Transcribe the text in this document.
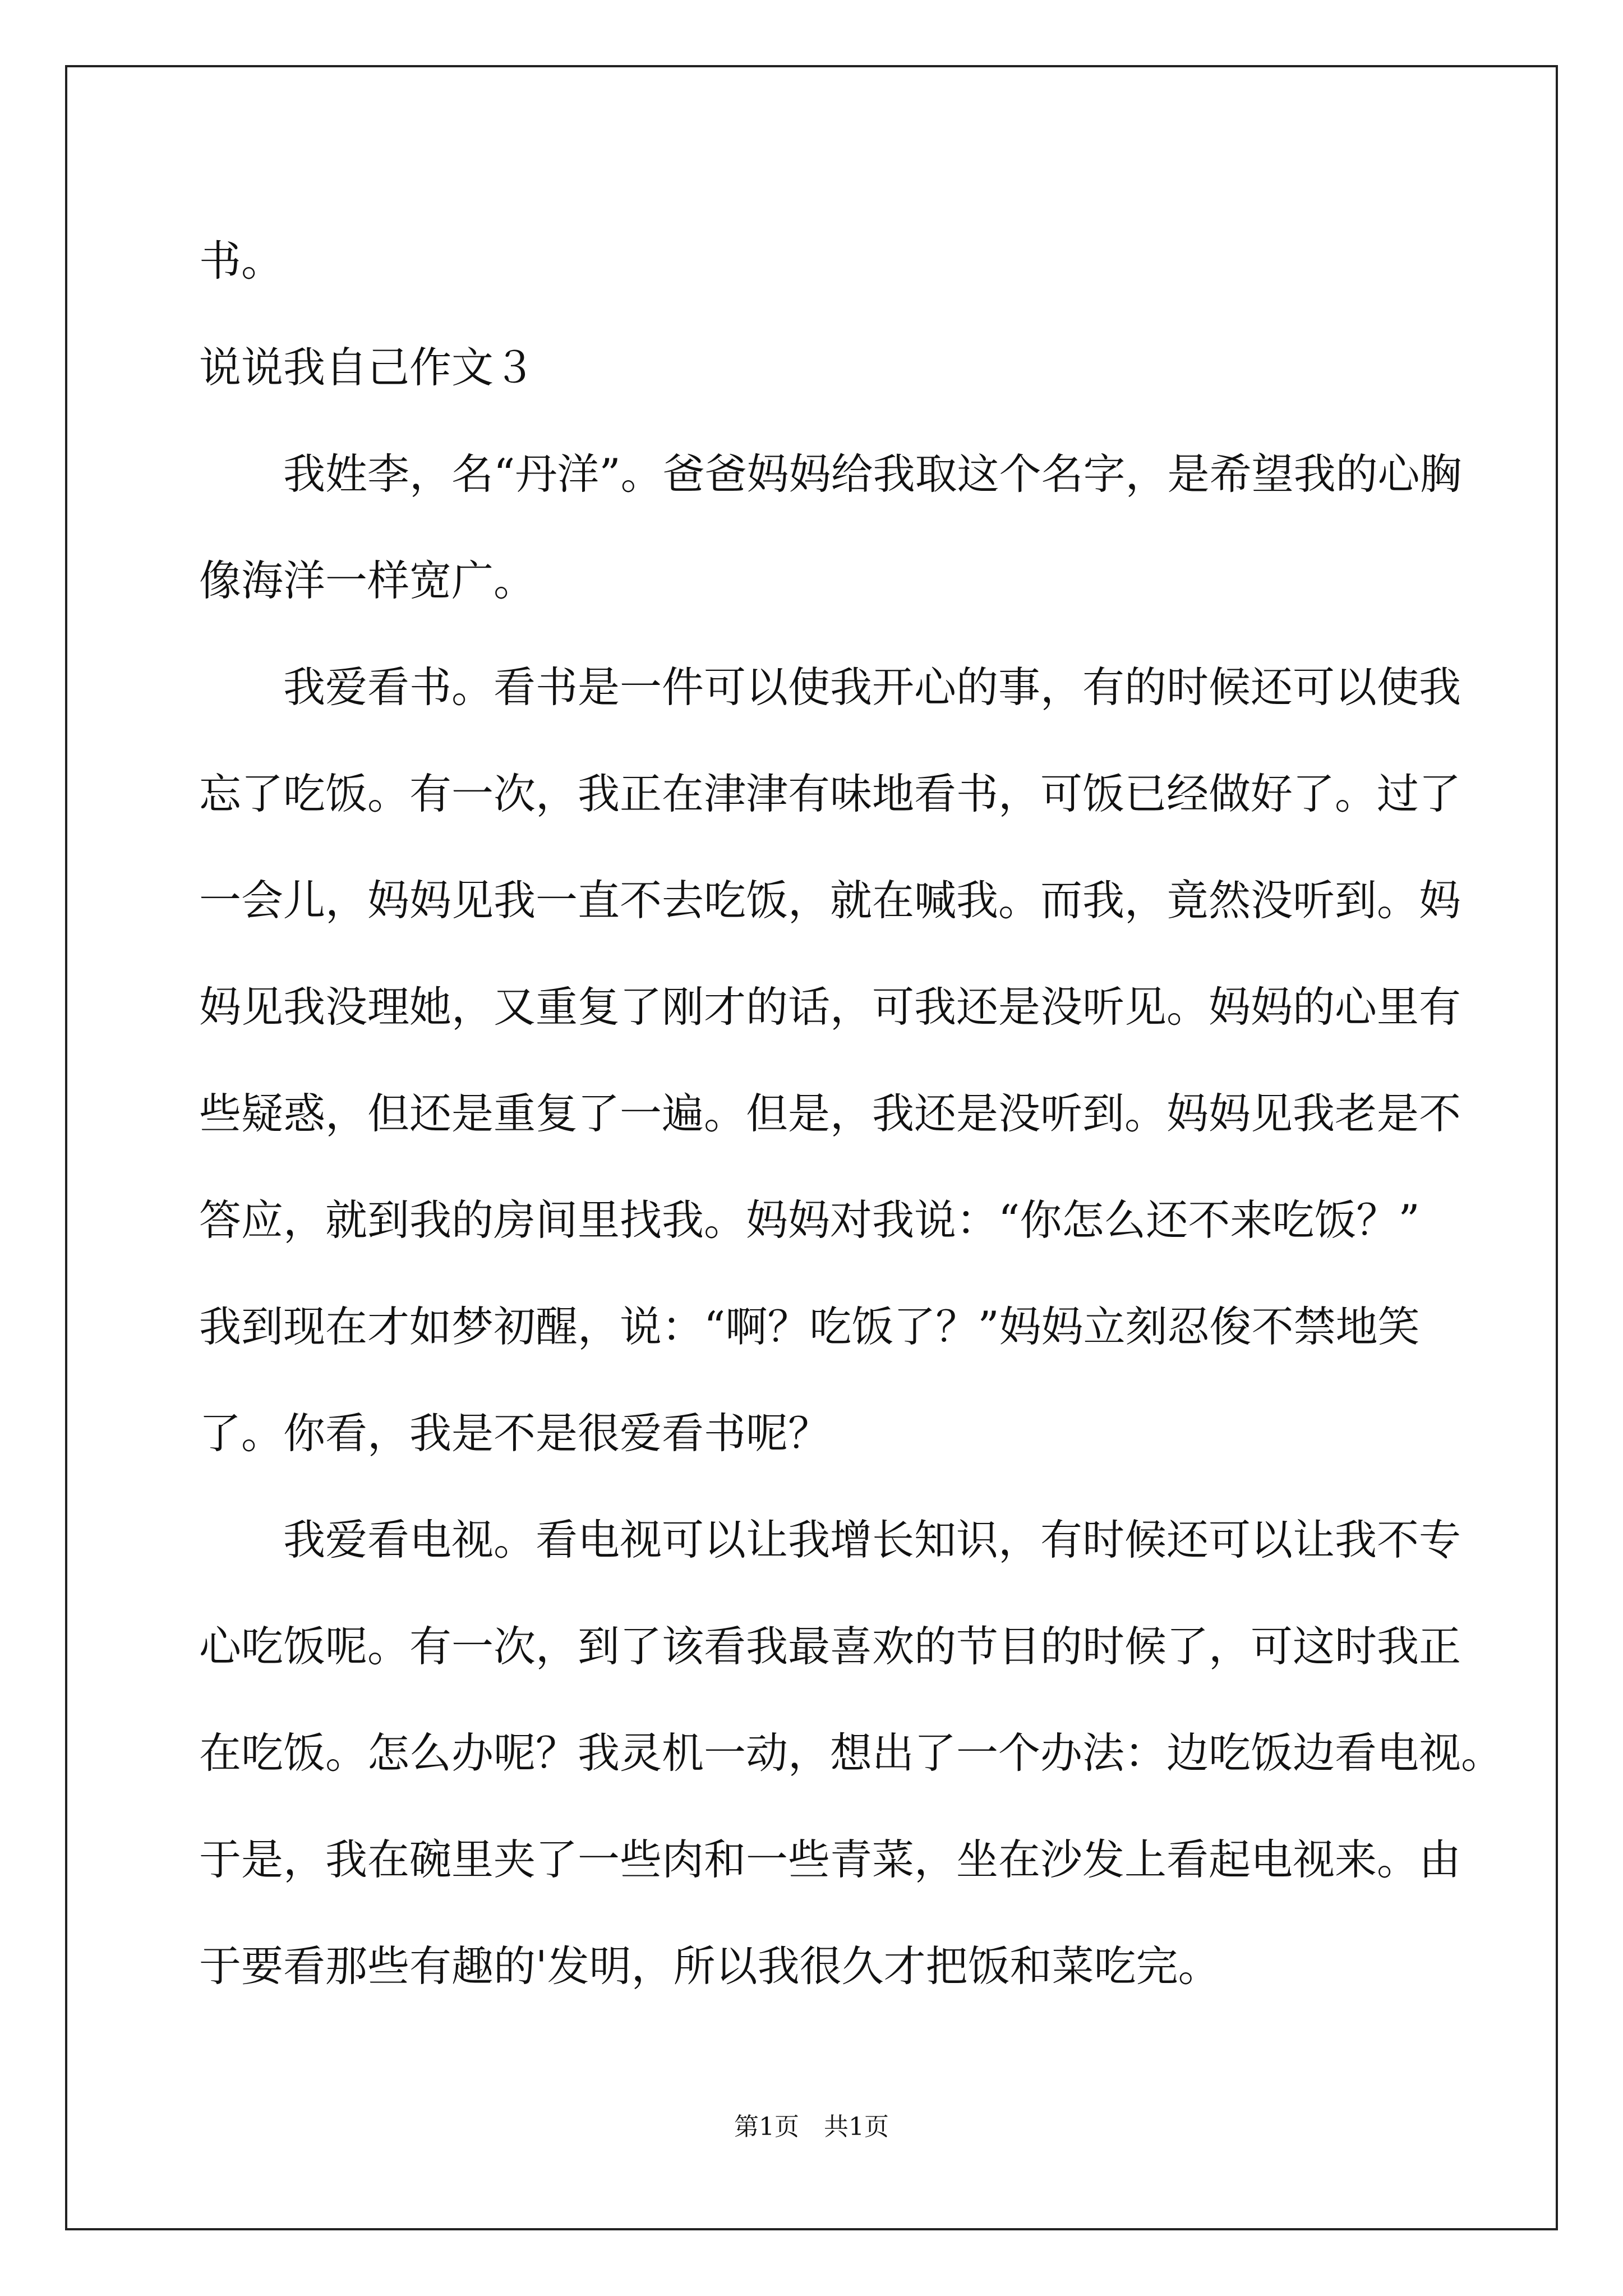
书。
说说我自己作文３
　　我姓李，名“丹洋”。爸爸妈妈给我取这个名字，是希望我的心胸
像海洋一样宽广。
　　我爱看书。看书是一件可以使我开心的事，有的时候还可以使我
忘了吃饭。有一次，我正在津津有味地看书，可饭已经做好了。过了
一会儿，妈妈见我一直不去吃饭，就在喊我。而我，竟然没听到。妈
妈见我没理她，又重复了刚才的话，可我还是没听见。妈妈的心里有
些疑惑，但还是重复了一遍。但是，我还是没听到。妈妈见我老是不
答应，就到我的房间里找我。妈妈对我说：“你怎么还不来吃饭？”
我到现在才如梦初醒，说：“啊？吃饭了？”妈妈立刻忍俊不禁地笑
了。你看，我是不是很爱看书呢？
　　我爱看电视。看电视可以让我增长知识，有时候还可以让我不专
心吃饭呢。有一次，到了该看我最喜欢的节目的时候了，可这时我正
在吃饭。怎么办呢？我灵机一动，想出了一个办法：边吃饭边看电视。
于是，我在碗里夹了一些肉和一些青菜，坐在沙发上看起电视来。由
于要看那些有趣的'发明，所以我很久才把饭和菜吃完。
第1页　共1页
